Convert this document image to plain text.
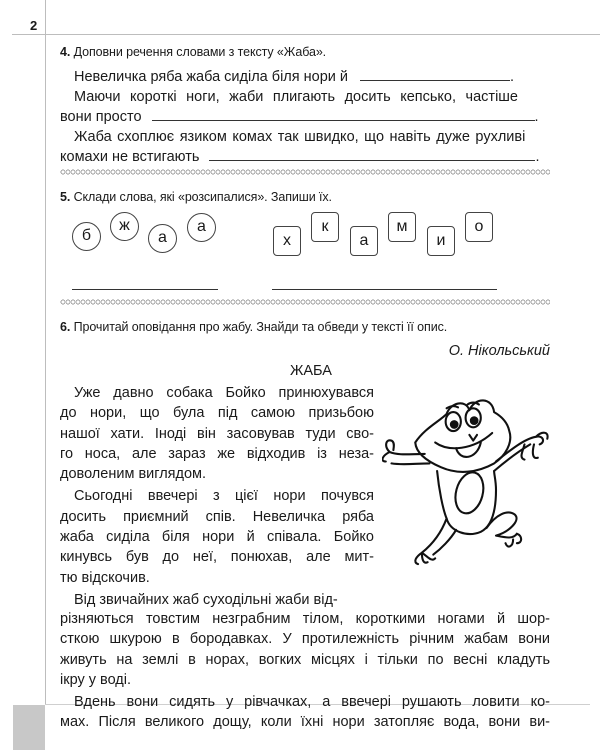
2
4. Доповни речення словами з тексту «Жаба».
Невеличка ряба жаба сиділа біля нори й	.
Маючи короткі ноги, жаби плигають досить кепсько, частіше
вони просто	.
Жаба схоплює язиком комах так швидко, що навіть дуже рухливі
комахи не встигають	.
5. Склади слова, які «розсипалися». Запиши їх.
б
ж
а
а
х
к
а
м
и
о
6. Прочитай оповідання про жабу. Знайди та обведи у тексті її опис.
О. Нікольський
ЖАБА
Уже давно собака Бойко принюхувався
до нори, що була під самою призьбою
нашої хати. Іноді він засовував туди сво-
го носа, але зараз же відходив із неза-
доволеним виглядом.
Сьогодні ввечері з цієї нори почувся
досить приємний спів. Невеличка ряба
жаба сиділа біля нори й співала. Бойко
кинувсь був до неї, понюхав, але мит-
тю відскочив.
Від звичайних жаб суходільні жаби від-
різняються товстим незграбним тілом, короткими ногами й шор-
сткою шкурою в бородавках. У протилежність річним жабам вони
живуть на землі в норах, вогких місцях і тільки по весні кладуть
ікру у воді.
Вдень вони сидять у рівчачках, а ввечері рушають ловити ко-
мах. Після великого дощу, коли їхні нори затопляє вода, вони ви-
